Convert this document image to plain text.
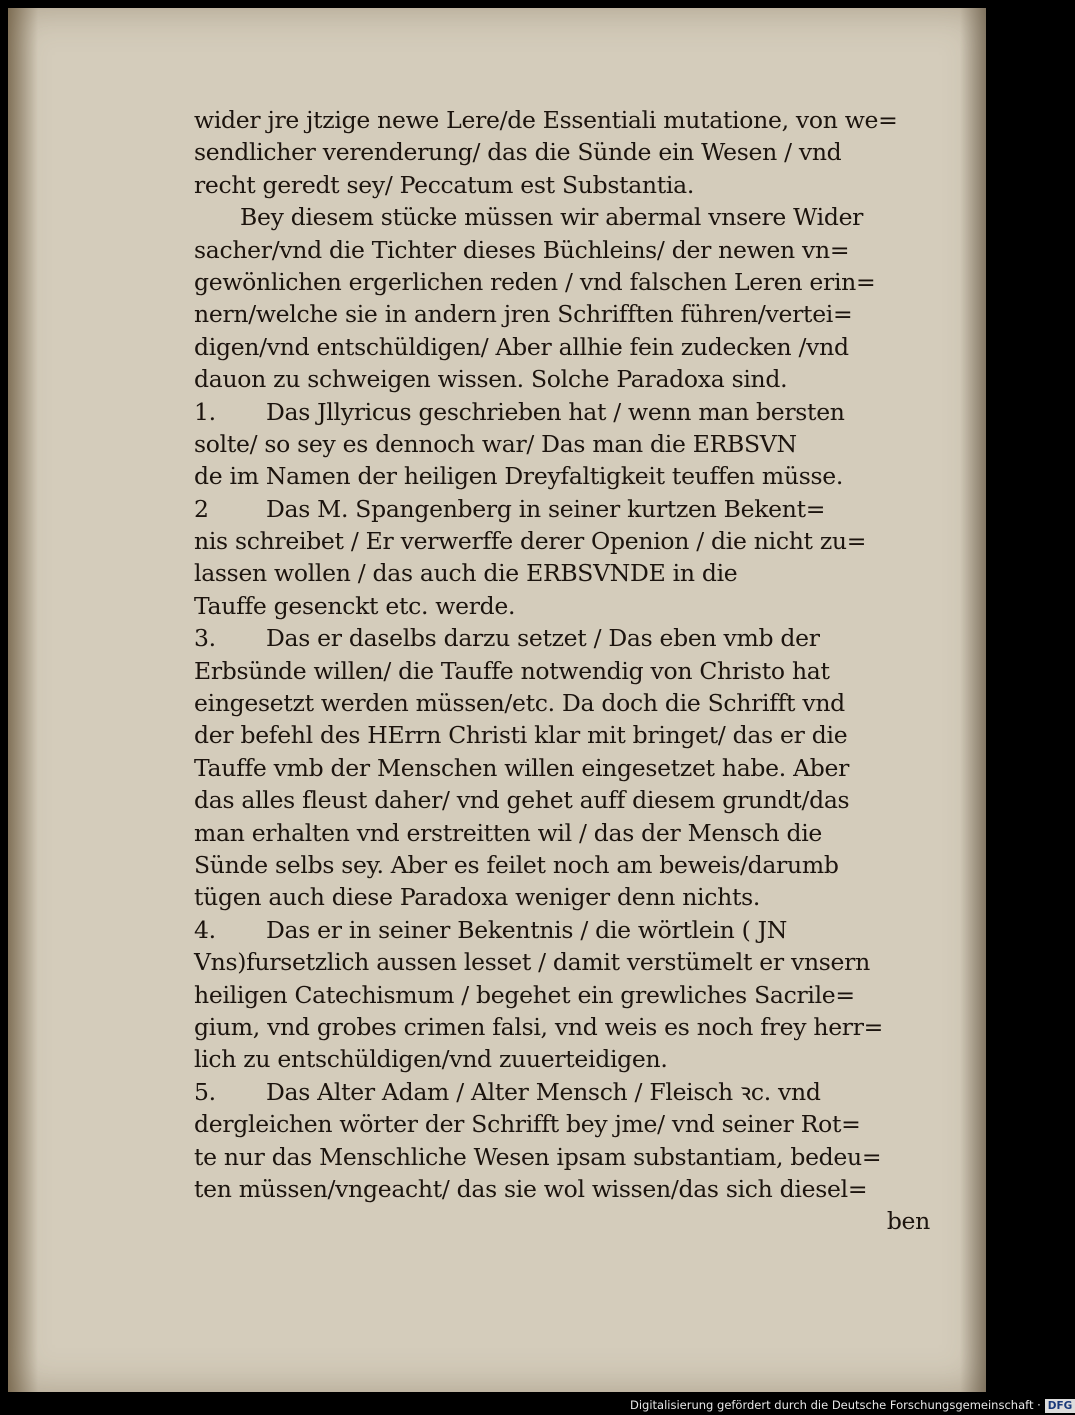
wider jre jtzige newe Lere/de Essentiali mutatione, von we=
sendlicher verenderung/ das die Sünde ein Wesen / vnd
recht geredt sey/ Peccatum est Substantia.
Bey diesem stücke müssen wir abermal vnsere Wider
sacher/vnd die Tichter dieses Büchleins/ der newen vn=
gewönlichen ergerlichen reden / vnd falschen Leren erin=
nern/welche sie in andern jren Schrifften führen/vertei=
digen/vnd entschüldigen/ Aber allhie fein zudecken /vnd
dauon zu schweigen wissen. Solche Paradoxa sind.
1. Das Jllyricus geschrieben hat / wenn man bersten
solte/ so sey es dennoch war/ Das man die ERBSVN
de im Namen der heiligen Dreyfaltigkeit teuffen müsse.
2 Das M. Spangenberg in seiner kurtzen Bekent=
nis schreibet / Er verwerffe derer Openion / die nicht zu=
lassen wollen / das auch die ERBSVNDE in die
Tauffe gesenckt etc. werde.
3. Das er daselbs darzu setzet / Das eben vmb der
Erbsünde willen/ die Tauffe notwendig von Christo hat
eingesetzt werden müssen/etc. Da doch die Schrifft vnd
der befehl des HErrn Christi klar mit bringet/ das er die
Tauffe vmb der Menschen willen eingesetzet habe. Aber
das alles fleust daher/ vnd gehet auff diesem grundt/das
man erhalten vnd erstreitten wil / das der Mensch die
Sünde selbs sey. Aber es feilet noch am beweis/darumb
tügen auch diese Paradoxa weniger denn nichts.
4. Das er in seiner Bekentnis / die wörtlein ( JN
Vns)fursetzlich aussen lesset / damit verstümelt er vnsern
heiligen Catechismum / begehet ein grewliches Sacrile=
gium, vnd grobes crimen falsi, vnd weis es noch frey herr=
lich zu entschüldigen/vnd zuuerteidigen.
5. Das Alter Adam / Alter Mensch / Fleisch ꝛc. vnd
dergleichen wörter der Schrifft bey jme/ vnd seiner Rot=
te nur das Menschliche Wesen ipsam substantiam, bedeu=
ten müssen/vngeacht/ das sie wol wissen/das sich diesel=
ben
Digitalisierung gefördert durch die Deutsche Forschungsgemeinschaft · DFG
